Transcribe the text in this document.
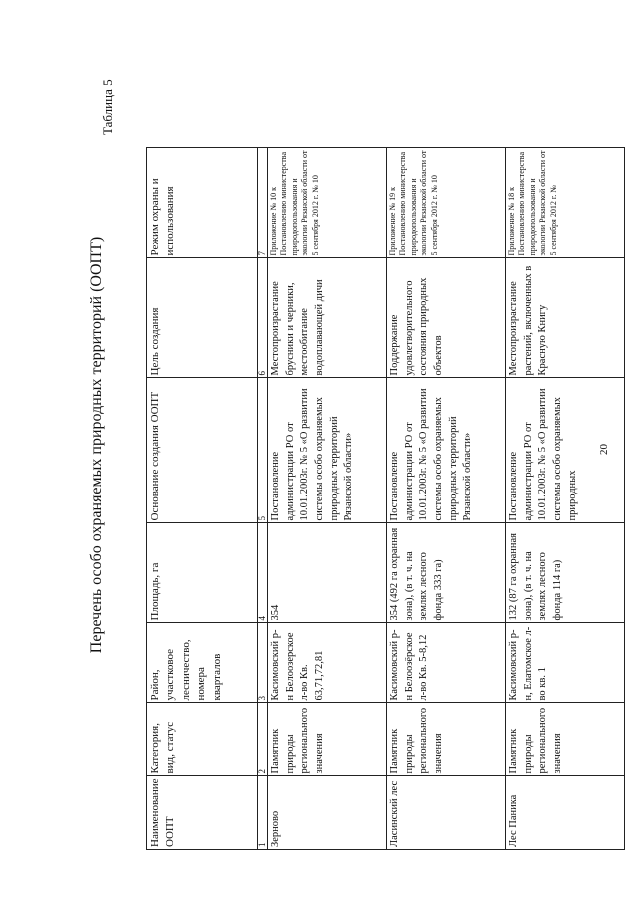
Перечень особо охраняемых природных территорий (ООПТ)
Таблица 5
Наименование ООПТ	Категория, вид, статус	Район, участковое лесничество, номера кварталов	Площадь, га	Основание создания ООПТ	Цель создания	Режим охраны и использования
1	2	3	4	5	6	7
Зерново	Памятник природы регионального значения	Касимовский р-н Белоозерское л-во Кв. 63,71,72,81	354	Постановление администрации РО от 10.01.2003г. № 5 «О развитии системы особо охраняемых природных территорий Рязанской области»	Местопроизрастание брусники и черники, местообитание водоплавающей дичи	Приложение № 10 к Постановлению министерства природопользования и экологии Рязанской области от 5 сентября 2012 г. № 10
Ласинский лес	Памятник природы регионального значения	Касимовский р-н Белоозёрское л-во Кв. 5-8,12	354 (492 га охранная зона), (в т. ч. на землях лесного фонда 333 га)	Постановление администрации РО от 10.01.2003г. № 5 «О развитии системы особо охраняемых природных территорий Рязанской области»	Поддержание удовлетворительного состояния природных объектов	Приложение № 19 к Постановлению министерства природопользования и экологии Рязанской области от 5 сентября 2012 г. № 10
Лес Паника	Памятник природы регионального значения	Касимовский р-н, Елатомское л-во кв. 1	132 (87 га охранная зона), (в т. ч. на землях лесного фонда 114 га)	Постановление администрации РО от 10.01.2003г. № 5 «О развитии системы особо охраняемых природных	Местопроизрастание растений, включенных в Красную Книгу	Приложение № 18 к Постановлению министерства природопользования и экологии Рязанской области от 5 сентября 2012 г. №
20
